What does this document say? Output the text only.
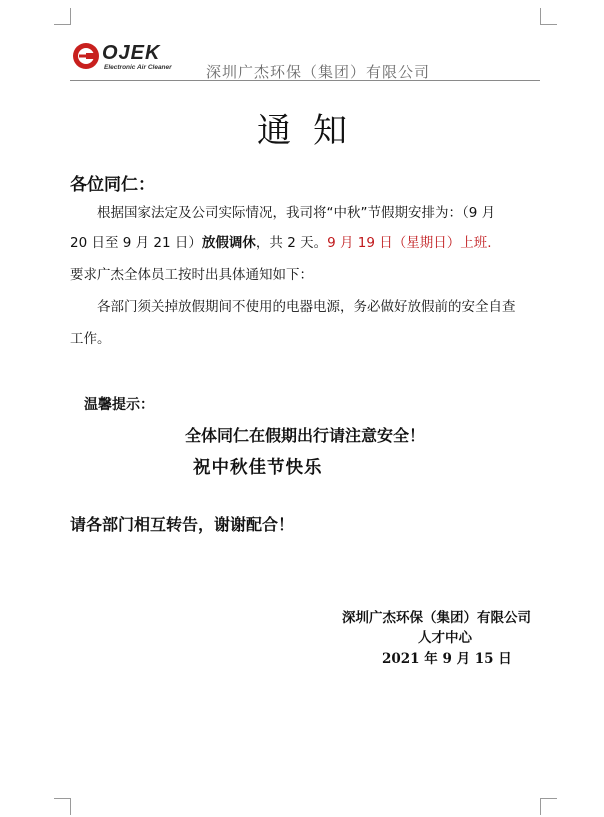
OJEK
Electronic Air Cleaner 深圳广杰环保（集团）有限公司
通知
各位同仁：
根据国家法定及公司实际情况，我司将“中秋”节假期安排为：（9 月
20 日至 9 月 21 日）放假调休，共 2 天。9 月 19 日（星期日）上班.
要求广杰全体员工按时出具体通知如下：
各部门须关掉放假期间不使用的电器电源，务必做好放假前的安全自查
工作。
温馨提示：
全体同仁在假期出行请注意安全！
祝中秋佳节快乐
请各部门相互转告，谢谢配合！
深圳广杰环保（集团）有限公司
人才中心
2021 年 9 月 15 日
